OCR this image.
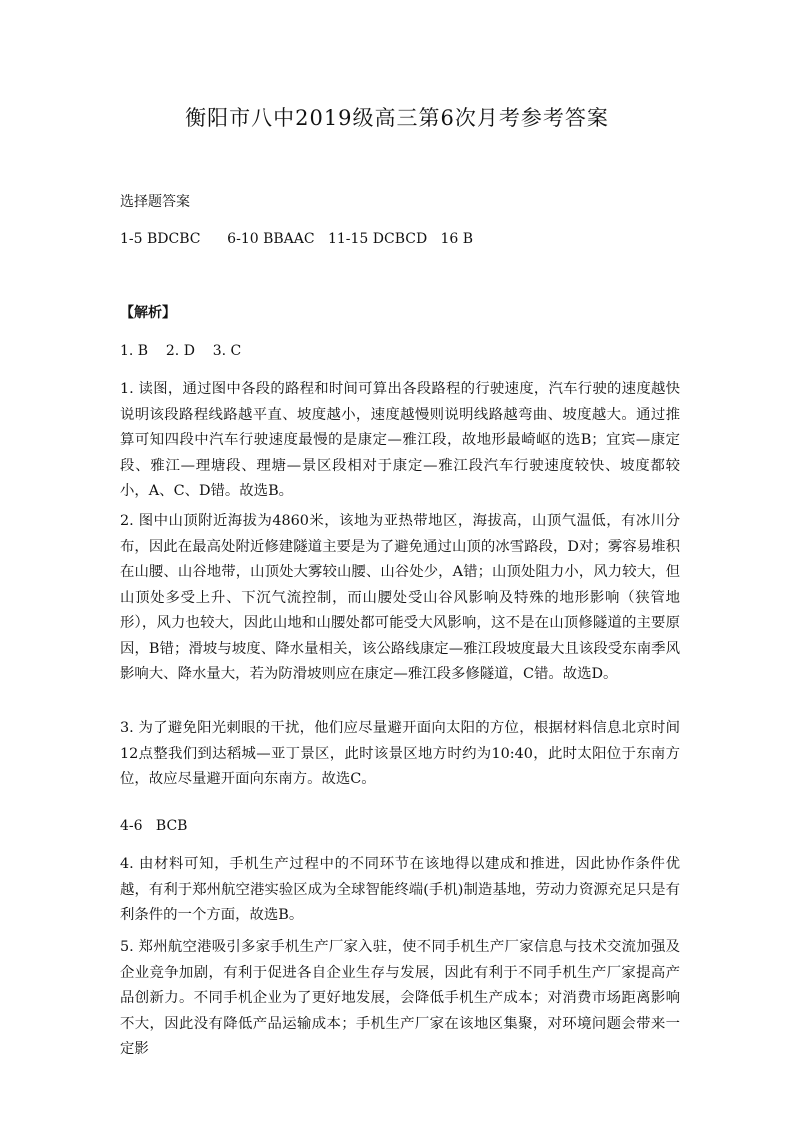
衡阳市八中2019级高三第6次月考参考答案
选择题答案
1-5 BDCBC      6-10 BBAAC   11-15 DCBCD   16 B
【解析】
1. B    2. D    3. C

1. 读图，通过图中各段的路程和时间可算出各段路程的行驶速度，汽车行驶的速度越快说明该段路程线路越平直、坡度越小，速度越慢则说明线路越弯曲、坡度越大。通过推算可知四段中汽车行驶速度最慢的是康定—雅江段，故地形最崎岖的选B；宜宾—康定段、雅江—理塘段、理塘—景区段相对于康定—雅江段汽车行驶速度较快、坡度都较小，A、C、D错。故选B。

2. 图中山顶附近海拔为4860米，该地为亚热带地区，海拔高，山顶气温低，有冰川分布，因此在最高处附近修建隧道主要是为了避免通过山顶的冰雪路段，D对；雾容易堆积在山腰、山谷地带，山顶处大雾较山腰、山谷处少，A错；山顶处阻力小，风力较大，但山顶处多受上升、下沉气流控制，而山腰处受山谷风影响及特殊的地形影响（狭管地形），风力也较大，因此山地和山腰处都可能受大风影响，这不是在山顶修隧道的主要原因，B错；滑坡与坡度、降水量相关，该公路线康定—雅江段坡度最大且该段受东南季风影响大、降水量大，若为防滑坡则应在康定—雅江段多修隧道，C错。故选D。

3. 为了避免阳光刺眼的干扰，他们应尽量避开面向太阳的方位，根据材料信息北京时间12点整我们到达稻城—亚丁景区，此时该景区地方时约为10:40，此时太阳位于东南方位，故应尽量避开面向东南方。故选C。

4-6   BCB

4. 由材料可知，手机生产过程中的不同环节在该地得以建成和推进，因此协作条件优越，有利于郑州航空港实验区成为全球智能终端(手机)制造基地，劳动力资源充足只是有利条件的一个方面，故选B。

5. 郑州航空港吸引多家手机生产厂家入驻，使不同手机生产厂家信息与技术交流加强及企业竞争加剧，有利于促进各自企业生存与发展，因此有利于不同手机生产厂家提高产品创新力。不同手机企业为了更好地发展，会降低手机生产成本；对消费市场距离影响不大，因此没有降低产品运输成本；手机生产厂家在该地区集聚，对环境问题会带来一定影
